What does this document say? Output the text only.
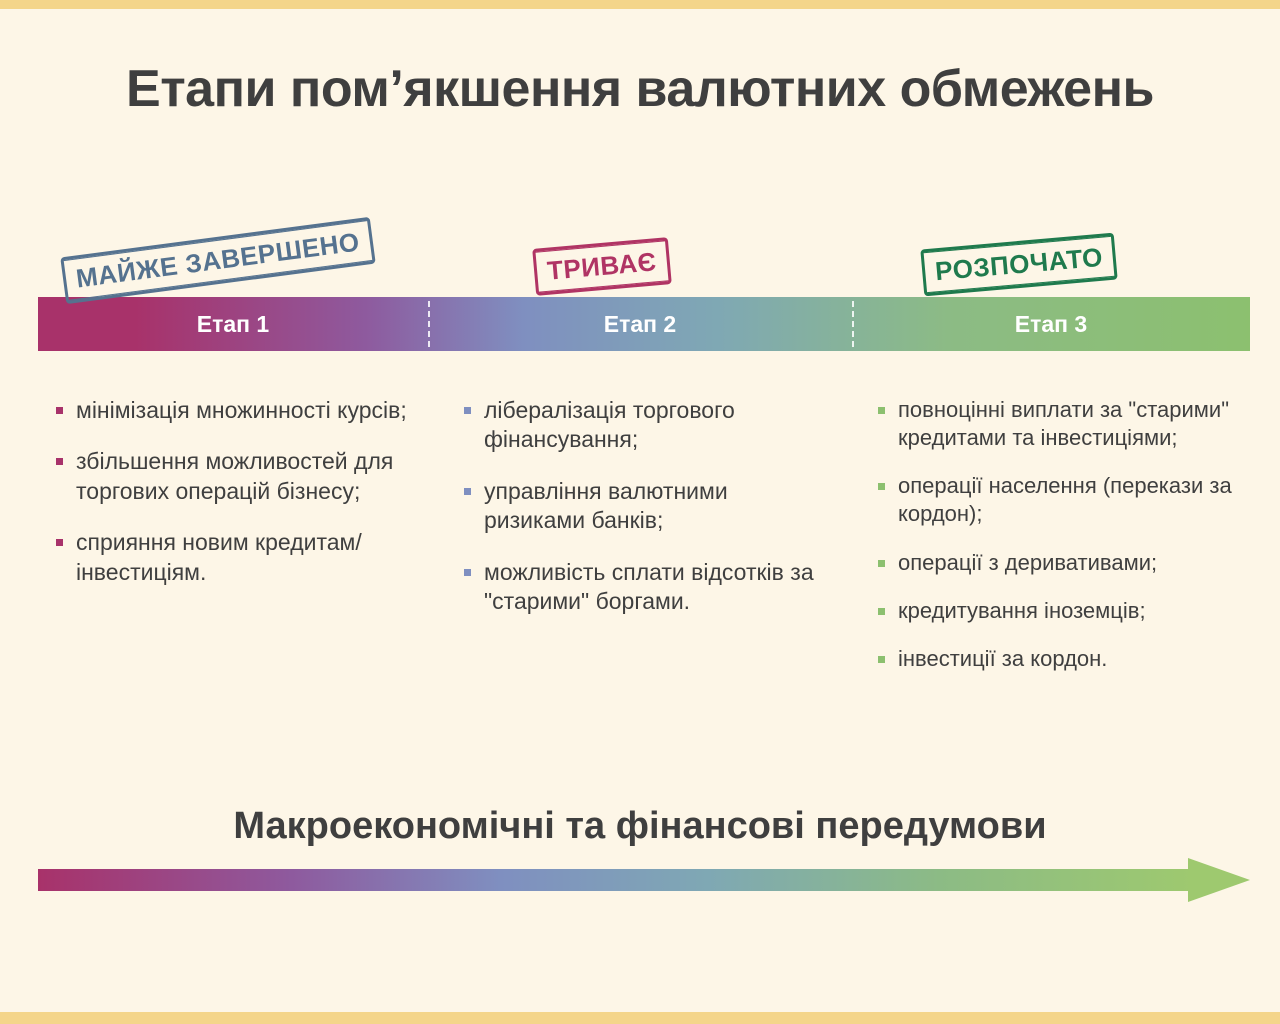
Етапи пом’якшення валютних обмежень
Етап 1	Етап 2	Етап 3
МАЙЖЕ ЗАВЕРШЕНО	ТРИВАЄ	РОЗПОЧАТО
мінімізація множинності курсів;
збільшення можливостей для торгових операцій бізнесу;
сприяння новим кредитам/інвестиціям.
лібералізація торгового фінансування;
управління валютними ризиками банків;
можливість сплати відсотків за "старими" боргами.
повноцінні виплати за "старими" кредитами та інвестиціями;
операції населення (перекази за кордон);
операції з деривативами;
кредитування іноземців;
інвестиції за кордон.
Макроекономічні та фінансові передумови
